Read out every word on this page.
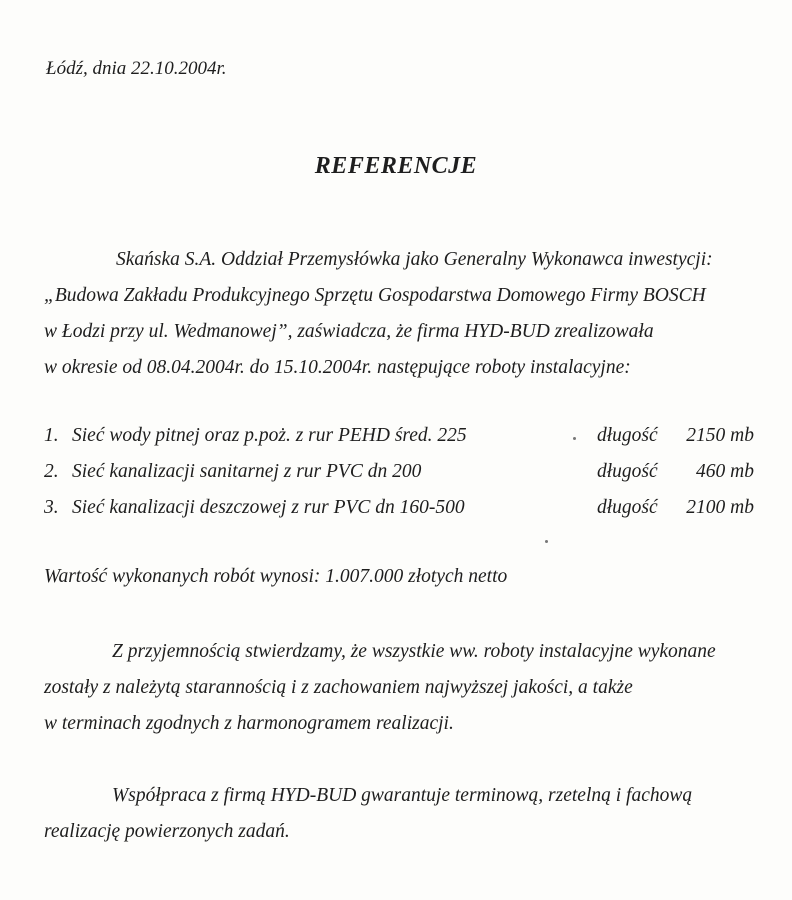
Łódź, dnia 22.10.2004r.
REFERENCJE
Skańska S.A. Oddział Przemysłówka jako Generalny Wykonawca inwestycji:
„Budowa Zakładu Produkcyjnego Sprzętu Gospodarstwa Domowego Firmy BOSCH
w Łodzi przy ul. Wedmanowej”, zaświadcza, że firma HYD-BUD zrealizowała
w okresie od 08.04.2004r. do 15.10.2004r. następujące roboty instalacyjne:
1. Sieć wody pitnej oraz p.poż. z rur PEHD śred. 225	długość 2150 mb
2. Sieć kanalizacji sanitarnej z rur PVC dn 200	długość 460 mb
3. Sieć kanalizacji deszczowej z rur PVC dn 160-500	długość 2100 mb
Wartość wykonanych robót wynosi: 1.007.000 złotych netto
Z przyjemnością stwierdzamy, że wszystkie ww. roboty instalacyjne wykonane
zostały z należytą starannością i z zachowaniem najwyższej jakości, a także
w terminach zgodnych z harmonogramem realizacji.
Współpraca z firmą HYD-BUD gwarantuje terminową, rzetelną i fachową
realizację powierzonych zadań.
